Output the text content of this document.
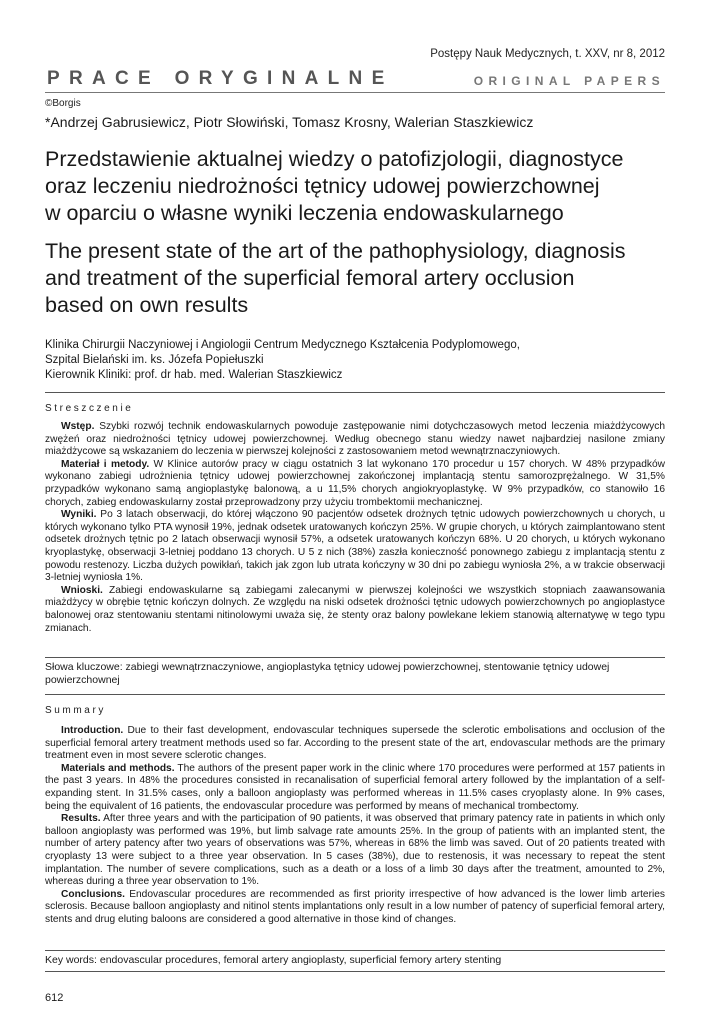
Postępy Nauk Medycznych, t. XXV, nr 8, 2012
PRACE ORYGINALNE	ORIGINAL PAPERS
©Borgis
*Andrzej Gabrusiewicz, Piotr Słowiński, Tomasz Krosny, Walerian Staszkiewicz
Przedstawienie aktualnej wiedzy o patofizjologii, diagnostyce
oraz leczeniu niedrożności tętnicy udowej powierzchownej
w oparciu o własne wyniki leczenia endowaskularnego
The present state of the art of the pathophysiology, diagnosis
and treatment of the superficial femoral artery occlusion
based on own results
Klinika Chirurgii Naczyniowej i Angiologii Centrum Medycznego Kształcenia Podyplomowego,
Szpital Bielański im. ks. Józefa Popiełuszki
Kierownik Kliniki: prof. dr hab. med. Walerian Staszkiewicz
Streszczenie

Wstęp. Szybki rozwój technik endowaskularnych powoduje zastępowanie nimi dotychczasowych metod leczenia miażdżycowych zwężeń oraz niedrożności tętnicy udowej powierzchownej. Według obecnego stanu wiedzy nawet najbardziej nasilone zmiany miażdżycowe są wskazaniem do leczenia w pierwszej kolejności z zastosowaniem metod wewnątrznaczyniowych.

Materiał i metody. W Klinice autorów pracy w ciągu ostatnich 3 lat wykonano 170 procedur u 157 chorych. W 48% przypadków wykonano zabiegi udrożnienia tętnicy udowej powierzchownej zakończonej implantacją stentu samorozprężalnego. W 31,5% przypadków wykonano samą angioplastykę balonową, a u 11,5% chorych angiokryoplastykę. W 9% przypadków, co stanowiło 16 chorych, zabieg endowaskularny został przeprowadzony przy użyciu trombektomii mechanicznej.

Wyniki. Po 3 latach obserwacji, do której włączono 90 pacjentów odsetek drożnych tętnic udowych powierzchownych u chorych, u których wykonano tylko PTA wynosił 19%, jednak odsetek uratowanych kończyn 25%. W grupie chorych, u których zaimplantowano stent odsetek drożnych tętnic po 2 latach obserwacji wynosił 57%, a odsetek uratowanych kończyn 68%. U 20 chorych, u których wykonano kryoplastykę, obserwacji 3-letniej poddano 13 chorych. U 5 z nich (38%) zaszła konieczność ponownego zabiegu z implantacją stentu z powodu restenozy. Liczba dużych powikłań, takich jak zgon lub utrata kończyny w 30 dni po zabiegu wyniosła 2%, a w trakcie obserwacji 3-letniej wyniosła 1%.

Wnioski. Zabiegi endowaskularne są zabiegami zalecanymi w pierwszej kolejności we wszystkich stopniach zaawansowania miażdżycy w obrębie tętnic kończyn dolnych. Ze względu na niski odsetek drożności tętnic udowych powierzchownych po angioplastyce balonowej oraz stentowaniu stentami nitinolowymi uważa się, że stenty oraz balony powlekane lekiem stanowią alternatywę w tego typu zmianach.

Słowa kluczowe: zabiegi wewnątrznaczyniowe, angioplastyka tętnicy udowej powierzchownej, stentowanie tętnicy udowej powierzchownej
Summary

Introduction. Due to their fast development, endovascular techniques supersede the sclerotic embolisations and occlusion of the superficial femoral artery treatment methods used so far. According to the present state of the art, endovascular methods are the primary treatment even in most severe sclerotic changes.

Materials and methods. The authors of the present paper work in the clinic where 170 procedures were performed at 157 patients in the past 3 years. In 48% the procedures consisted in recanalisation of superficial femoral artery followed by the implantation of a self- expanding stent. In 31.5% cases, only a balloon angioplasty was performed whereas in 11.5% cases cryoplasty alone. In 9% cases, being the equivalent of 16 patients, the endovascular procedure was performed by means of mechanical trombectomy.

Results. After three years and with the participation of 90 patients, it was observed that primary patency rate in patients in which only balloon angioplasty was performed was 19%, but limb salvage rate amounts 25%. In the group of patients with an implanted stent, the number of artery patency after two years of observations was 57%, whereas in 68% the limb was saved. Out of 20 patients treated with cryoplasty 13 were subject to a three year observation. In 5 cases (38%), due to restenosis, it was necessary to repeat the stent implantation. The number of severe complications, such as a death or a loss of a limb 30 days after the treatment, amounted to 2%, whereas during a three year observation to 1%.

Conclusions. Endovascular procedures are recommended as first priority irrespective of how advanced is the lower limb arteries sclerosis. Because balloon angioplasty and nitinol stents implantations only result in a low number of patency of superficial femoral artery, stents and drug eluting baloons are considered a good alternative in those kind of changes.

Key words: endovascular procedures, femoral artery angioplasty, superficial femory artery stenting
612
